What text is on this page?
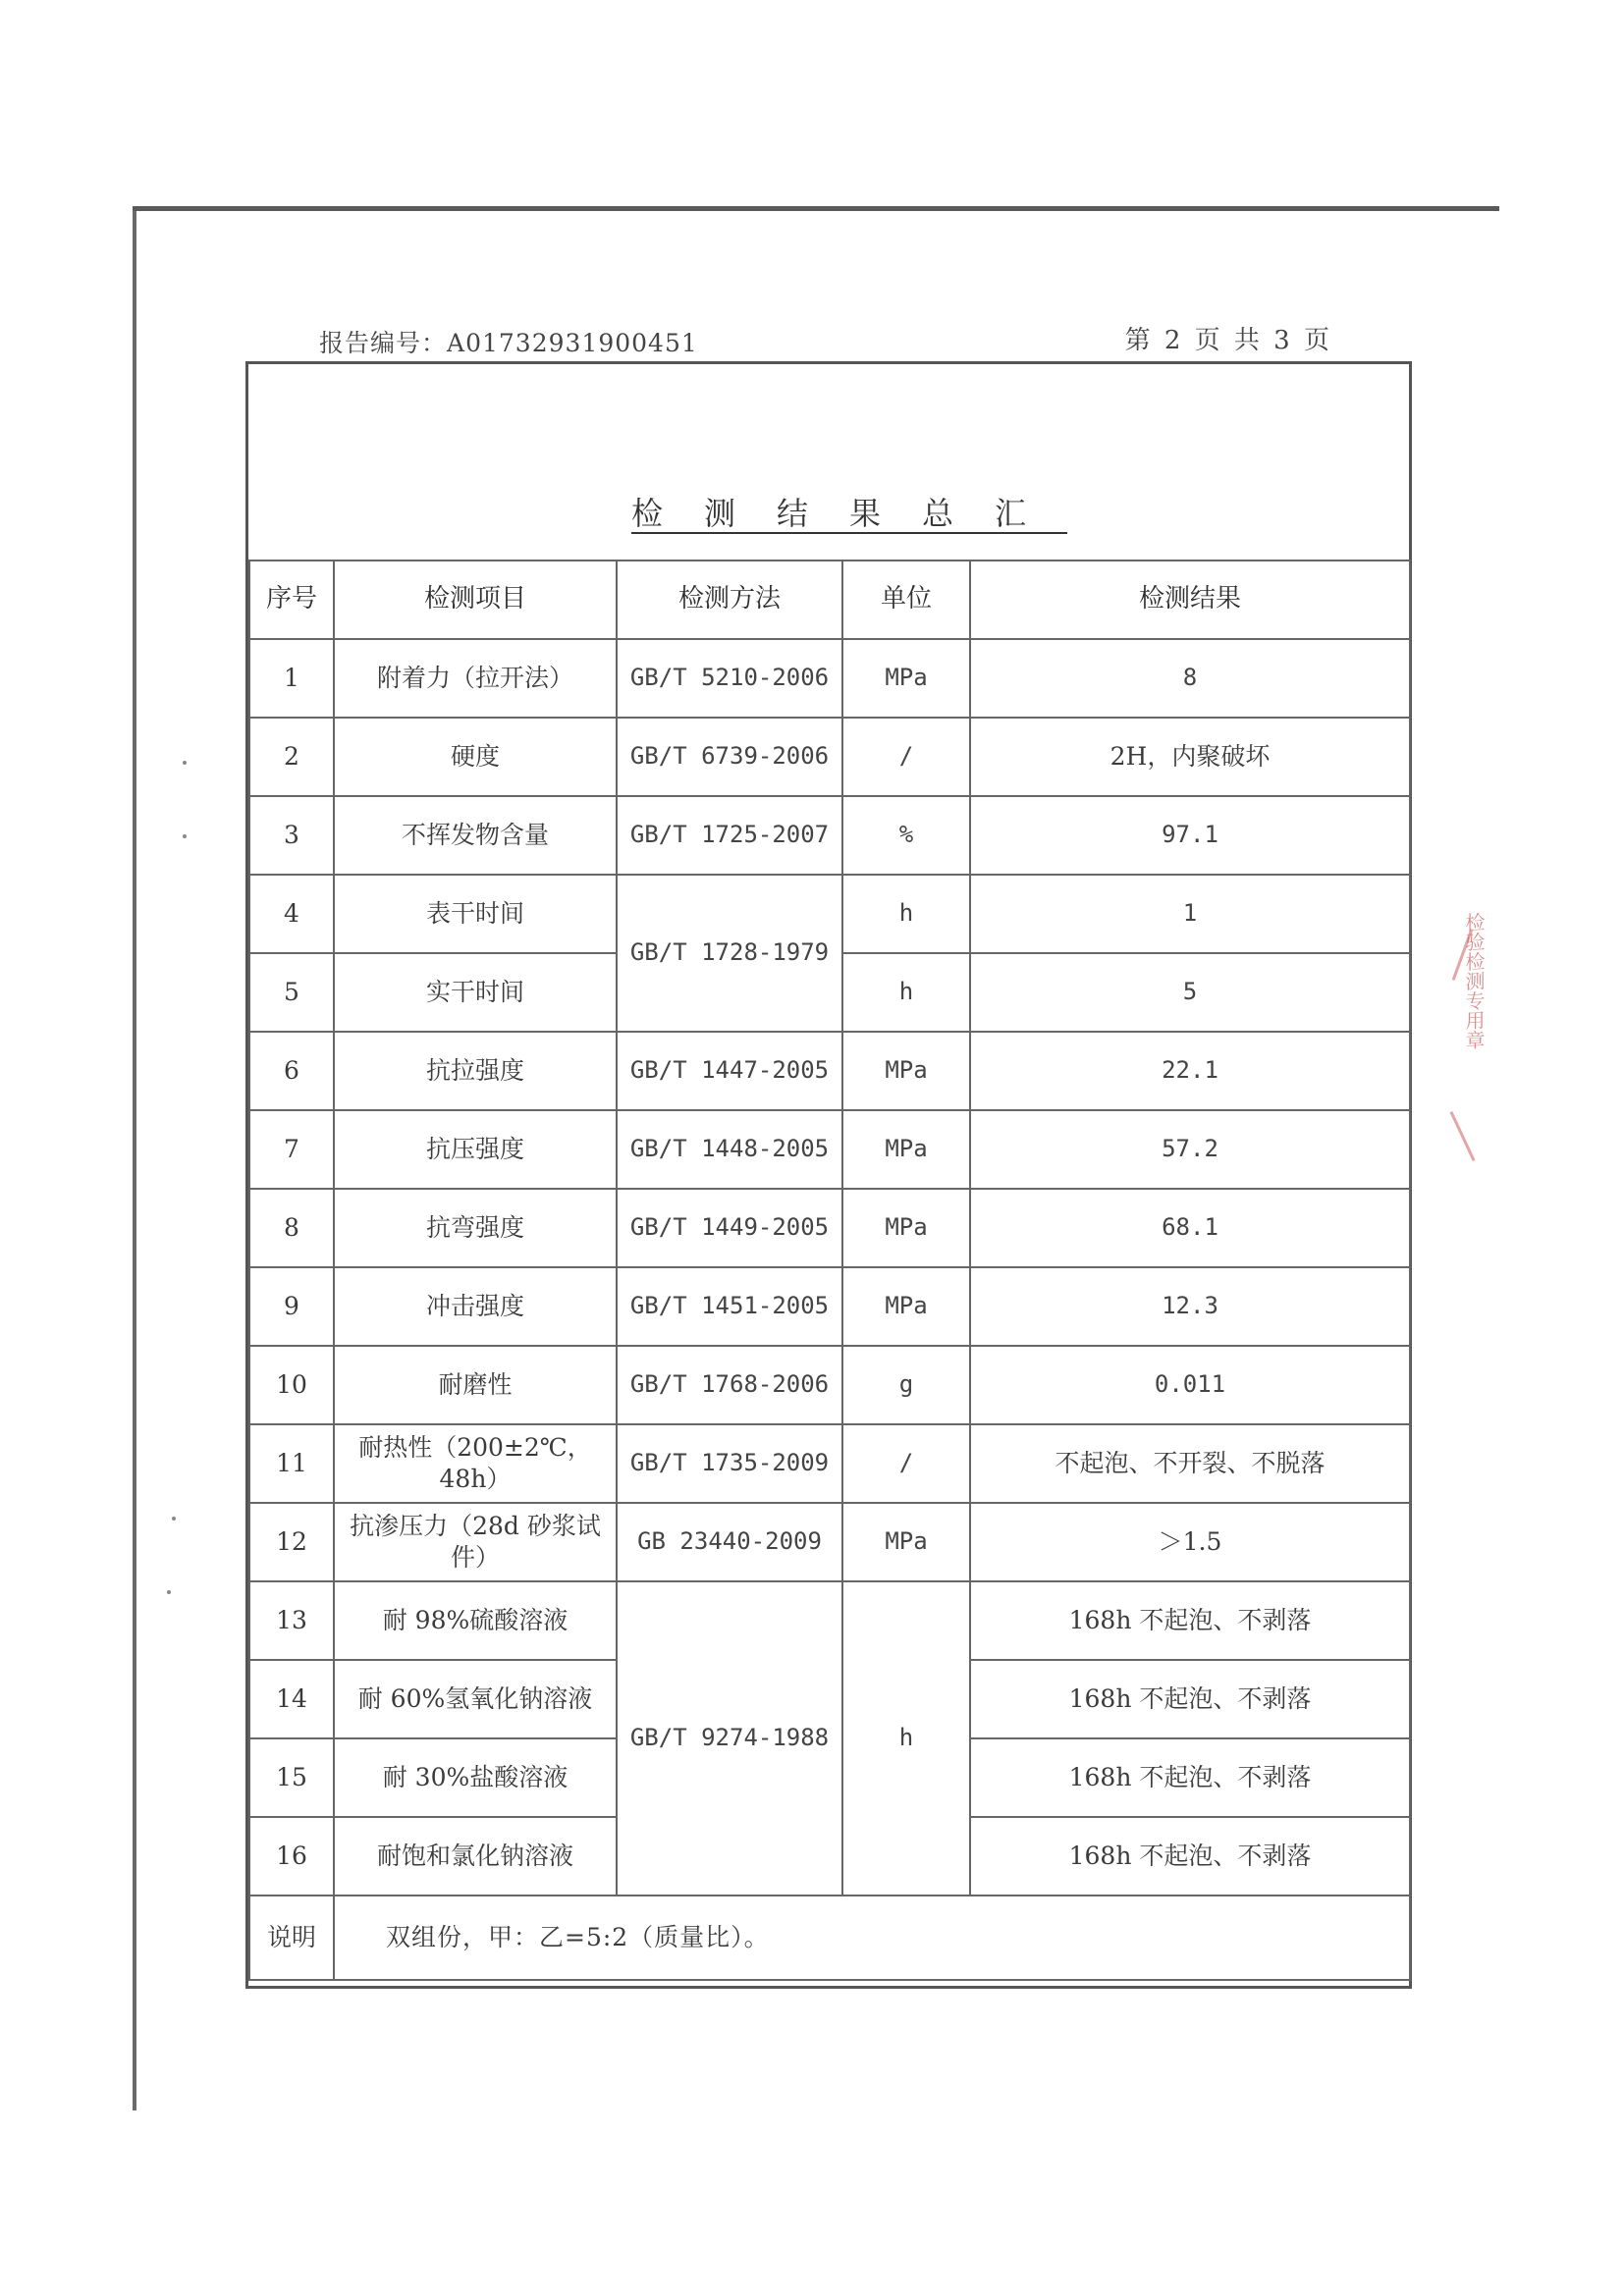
报告编号：A01732931900451	第 2 页 共 3 页
检测结果总汇
序号	检测项目	检测方法	单位	检测结果
1	附着力（拉开法）	GB/T 5210-2006	MPa	8
2	硬度	GB/T 6739-2006	/	2H，内聚破坏
3	不挥发物含量	GB/T 1725-2007	%	97.1
4	表干时间	GB/T 1728-1979	h	1
5	实干时间		h	5
6	抗拉强度	GB/T 1447-2005	MPa	22.1
7	抗压强度	GB/T 1448-2005	MPa	57.2
8	抗弯强度	GB/T 1449-2005	MPa	68.1
9	冲击强度	GB/T 1451-2005	MPa	12.3
10	耐磨性	GB/T 1768-2006	g	0.011
11	耐热性（200±2℃，48h）	GB/T 1735-2009	/	不起泡、不开裂、不脱落
12	抗渗压力（28d 砂浆试件）	GB 23440-2009	MPa	＞1.5
13	耐 98%硫酸溶液	GB/T 9274-1988	h	168h 不起泡、不剥落
14	耐 60%氢氧化钠溶液			168h 不起泡、不剥落
15	耐 30%盐酸溶液			168h 不起泡、不剥落
16	耐饱和氯化钠溶液			168h 不起泡、不剥落
说明	双组份，甲：乙=5:2（质量比）。			
检验检测专用章
